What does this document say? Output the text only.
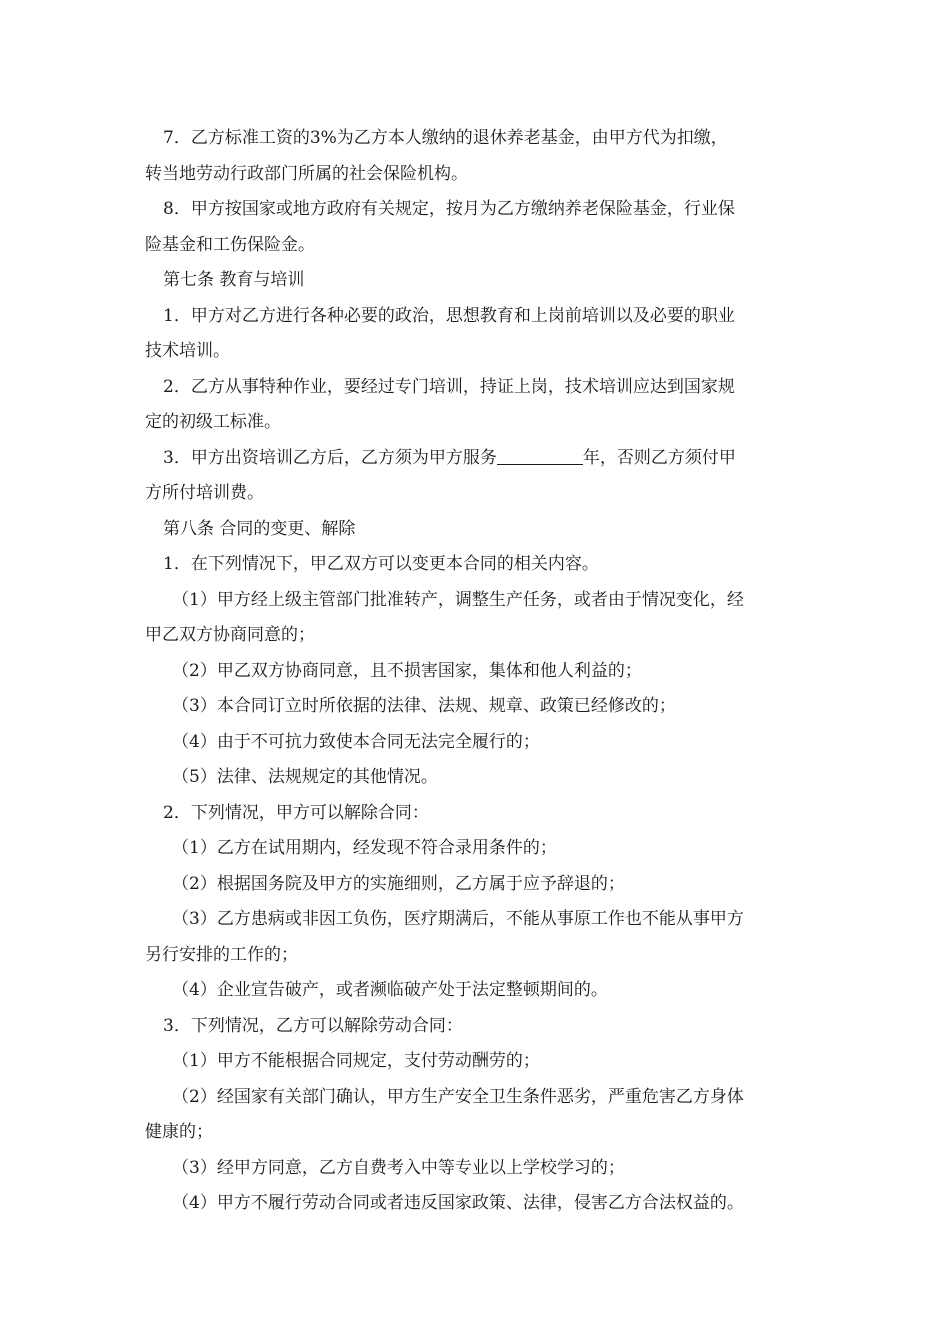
7．乙方标准工资的3%为乙方本人缴纳的退休养老基金，由甲方代为扣缴，

转当地劳动行政部门所属的社会保险机构。

8．甲方按国家或地方政府有关规定，按月为乙方缴纳养老保险基金，行业保

险基金和工伤保险金。

第七条 教育与培训

1．甲方对乙方进行各种必要的政治，思想教育和上岗前培训以及必要的职业

技术培训。

2．乙方从事特种作业，要经过专门培训，持证上岗，技术培训应达到国家规

定的初级工标准。

3．甲方出资培训乙方后，乙方须为甲方服务	年，否则乙方须付甲

方所付培训费。

第八条 合同的变更、解除

1．在下列情况下，甲乙双方可以变更本合同的相关内容。

（1）甲方经上级主管部门批准转产，调整生产任务，或者由于情况变化，经

甲乙双方协商同意的；

（2）甲乙双方协商同意，且不损害国家，集体和他人利益的；

（3）本合同订立时所依据的法律、法规、规章、政策已经修改的；

（4）由于不可抗力致使本合同无法完全履行的；

（5）法律、法规规定的其他情况。

2．下列情况，甲方可以解除合同：

（1）乙方在试用期内，经发现不符合录用条件的；

（2）根据国务院及甲方的实施细则，乙方属于应予辞退的；

（3）乙方患病或非因工负伤，医疗期满后，不能从事原工作也不能从事甲方

另行安排的工作的；

（4）企业宣告破产，或者濒临破产处于法定整顿期间的。

3．下列情况，乙方可以解除劳动合同：

（1）甲方不能根据合同规定，支付劳动酬劳的；

（2）经国家有关部门确认，甲方生产安全卫生条件恶劣，严重危害乙方身体

健康的；

（3）经甲方同意，乙方自费考入中等专业以上学校学习的；

（4）甲方不履行劳动合同或者违反国家政策、法律，侵害乙方合法权益的。
